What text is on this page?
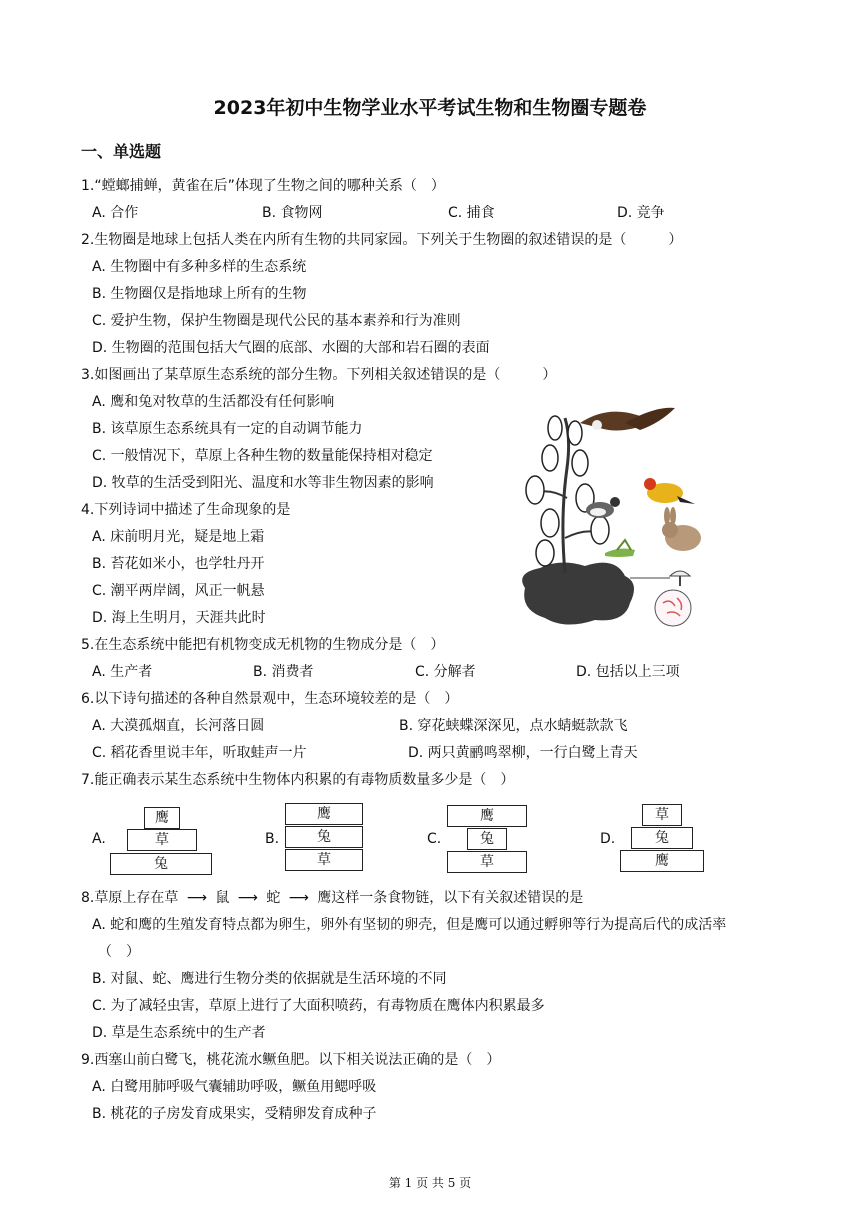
2023年初中生物学业水平考试生物和生物圈专题卷
一、单选题
1.“螳螂捕蝉，黄雀在后”体现了生物之间的哪种关系（　）
A. 合作	B. 食物网	C. 捕食	D. 竞争
2.生物圈是地球上包括人类在内所有生物的共同家园。下列关于生物圈的叙述错误的是（　　　）
A. 生物圈中有多种多样的生态系统
B. 生物圈仅是指地球上所有的生物
C. 爱护生物，保护生物圈是现代公民的基本素养和行为准则
D. 生物圈的范围包括大气圈的底部、水圈的大部和岩石圈的表面
3.如图画出了某草原生态系统的部分生物。下列相关叙述错误的是（　　　）
A. 鹰和兔对牧草的生活都没有任何影响
B. 该草原生态系统具有一定的自动调节能力
C. 一般情况下，草原上各种生物的数量能保持相对稳定
D. 牧草的生活受到阳光、温度和水等非生物因素的影响
4.下列诗词中描述了生命现象的是
A. 床前明月光，疑是地上霜
B. 苔花如米小，也学牡丹开
C. 潮平两岸阔，风正一帆悬
D. 海上生明月，天涯共此时
5.在生态系统中能把有机物变成无机物的生物成分是（　）
A. 生产者	B. 消费者	C. 分解者	D. 包括以上三项
6.以下诗句描述的各种自然景观中，生态环境较差的是（　）
A. 大漠孤烟直，长河落日圆	B. 穿花蛱蝶深深见，点水蜻蜓款款飞
C. 稻花香里说丰年，听取蛙声一片	D. 两只黄鹂鸣翠柳，一行白鹭上青天
7.能正确表示某生态系统中生物体内积累的有毒物质数量多少是（　）
A.
鹰
草
兔
B.
鹰
兔
草
C.
鹰
兔
草
D.
草
兔
鹰
8.草原上存在草 ⟶ 鼠 ⟶ 蛇 ⟶ 鹰这样一条食物链，以下有关叙述错误的是
A. 蛇和鹰的生殖发育特点都为卵生，卵外有坚韧的卵壳，但是鹰可以通过孵卵等行为提高后代的成活率
（　）
B. 对鼠、蛇、鹰进行生物分类的依据就是生活环境的不同
C. 为了减轻虫害，草原上进行了大面积喷药，有毒物质在鹰体内积累最多
D. 草是生态系统中的生产者
9.西塞山前白鹭飞，桃花流水鳜鱼肥。以下相关说法正确的是（　）
A. 白鹭用肺呼吸气囊辅助呼吸，鳜鱼用鳃呼吸
B. 桃花的子房发育成果实，受精卵发育成种子
第 1 页 共 5 页
